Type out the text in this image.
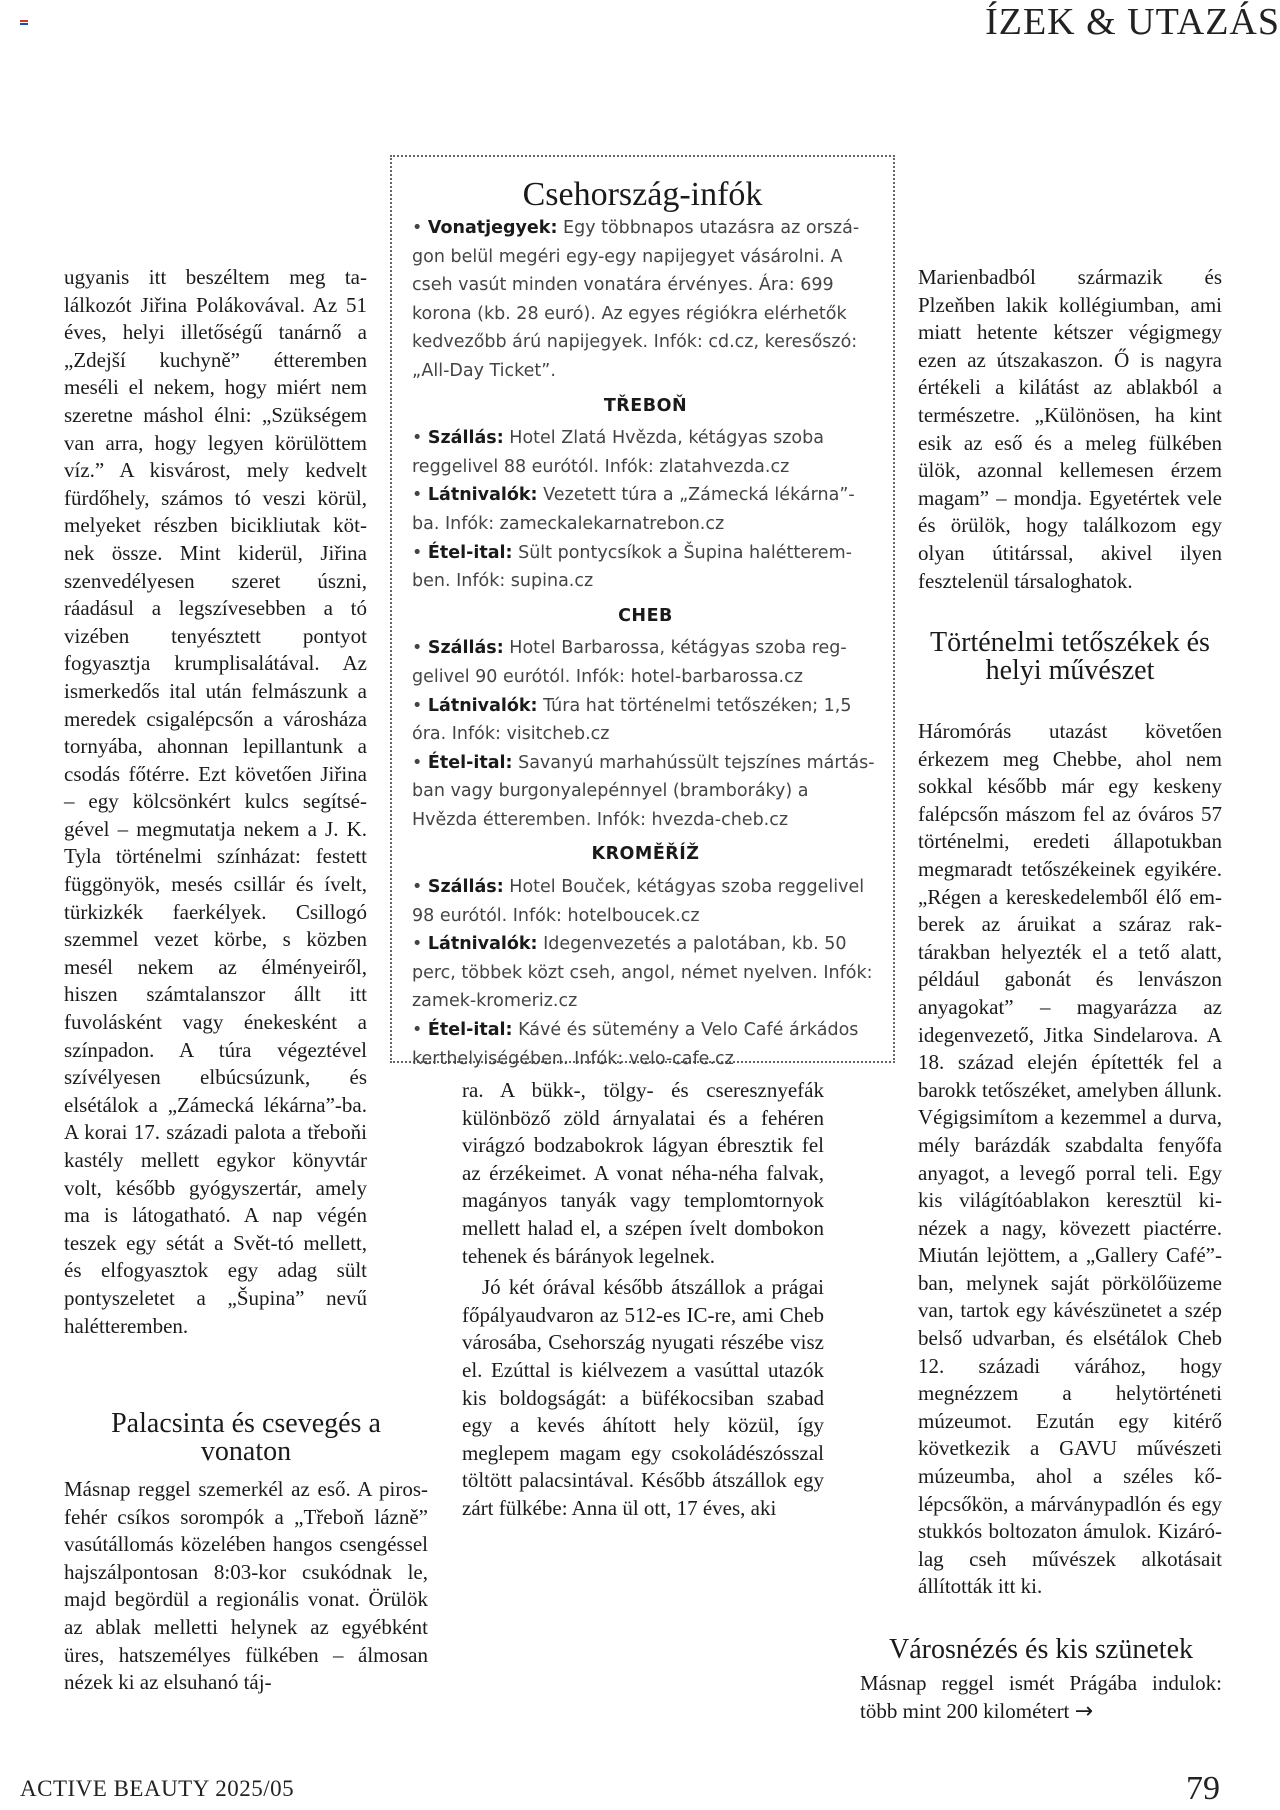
ÍZEK & UTAZÁS

ugyanis itt beszéltem meg találkozót Jiřina Polákovával. Az 51 éves, helyi illetőségű tanárnő a „Zdejší kuchyně” étteremben meséli el nekem, hogy miért nem szeretne máshol élni: „Szükségem van arra, hogy legyen körülöttem víz.” A kisvárost, mely kedvelt fürdőhely, számos tó veszi körül, melyeket részben bicikliutak kötnek össze. Mint kiderül, Jiřina szenvedélyesen szeret úszni, ráadásul a legszívesebben a tó vizében tenyésztett pontyot fogyasztja krumplisalátával. Az ismerkedős ital után felmászunk a meredek csigalépcsőn a városháza tornyába, ahonnan lepillantunk a csodás főtérre. Ezt követően Jiřina – egy kölcsönkért kulcs segítségével – megmutatja nekem a J. K. Tyla történelmi színházat: festett függönyök, mesés csillár és ívelt, türkizkék faerkélyek. Csillogó szemmel vezet körbe, s közben mesél nekem az élményeiről, hiszen számtalanszor állt itt fuvolásként vagy énekesként a színpadon. A túra végeztével szívélyesen elbúcsúzunk, és elsétálok a „Zámecká lékárna”-ba. A korai 17. századi palota a třeboňi kastély mellett egykor könyvtár volt, később gyógyszertár, amely ma is látogatható. A nap végén teszek egy sétát a Svět-tó mellett, és elfogyasztok egy adag sült pontyszeletet a „Šupina” nevű halétteremben.

Palacsinta és csevegés a vonaton

Másnap reggel szemerkél az eső. A piros-fehér csíkos sorompók a „Třeboň lázně” vasútállomás közelében hangos csengéssel hajszálpontosan 8:03-kor csukódnak le, majd begördül a regionális vonat. Örülök az ablak melletti helynek az egyébként üres, hatszemélyes fülkében – álmosan nézek ki az elsuhanó táj-

Csehország-infók

• Vonatjegyek: Egy többnapos utazásra az országon belül megéri egy-egy napijegyet vásárolni. A cseh vasút minden vonatára érvényes. Ára: 699 korona (kb. 28 euró). Az egyes régiókra elérhetők kedvezőbb árú napijegyek. Infók: cd.cz, keresőszó: „All-Day Ticket”.

TŘEBOŇ

• Szállás: Hotel Zlatá Hvězda, kétágyas szoba reggelivel 88 eurótól. Infók: zlatahvezda.cz

• Látnivalók: Vezetett túra a „Zámecká lékárna”-ba. Infók: zameckalekarnatrebon.cz

• Étel-ital: Sült pontycsíkok a Šupina halétteremben. Infók: supina.cz

CHEB

• Szállás: Hotel Barbarossa, kétágyas szoba reggelivel 90 eurótól. Infók: hotel-barbarossa.cz

• Látnivalók: Túra hat történelmi tetőszéken; 1,5 óra. Infók: visitcheb.cz

• Étel-ital: Savanyú marhahússült tejszínes mártásban vagy burgonyalepénnyel (bramboráky) a Hvězda étteremben. Infók: hvezda-cheb.cz

KROMĚŘÍŽ

• Szállás: Hotel Bouček, kétágyas szoba reggelivel 98 eurótól. Infók: hotelboucek.cz

• Látnivalók: Idegenvezetés a palotában, kb. 50 perc, többek közt cseh, angol, német nyelven. Infók: zamek-kromeriz.cz

• Étel-ital: Kávé és sütemény a Velo Café árkádos kerthelyiségében. Infók: velo-cafe.cz

ra. A bükk-, tölgy- és cseresznyefák különböző zöld árnyalatai és a fehéren virágzó bodzabokrok lágyan ébresztik fel az érzékeimet. A vonat néha-néha falvak, magányos tanyák vagy templomtornyok mellett halad el, a szépen ívelt dombokon tehenek és bárányok legelnek.

Jó két órával később átszállok a prágai főpályaudvaron az 512-es IC-re, ami Cheb városába, Csehország nyugati részébe visz el. Ezúttal is kiélvezem a vasúttal utazók kis boldogságát: a büfékocsiban szabad egy a kevés áhított hely közül, így meglepem magam egy csokoládészósszal töltött palacsintával. Később átszállok egy zárt fülkébe: Anna ül ott, 17 éves, aki

Marienbadból származik és Plzeňben lakik kollégiumban, ami miatt hetente kétszer végigmegy ezen az útszakaszon. Ő is nagyra értékeli a kilátást az ablakból a természetre. „Különösen, ha kint esik az eső és a meleg fülkében ülök, azonnal kellemesen érzem magam” – mondja. Egyetértek vele és örülök, hogy találkozom egy olyan útitárssal, akivel ilyen fesztelenül társaloghatok.

Történelmi tetőszékek és helyi művészet

Háromórás utazást követően érkezem meg Chebbe, ahol nem sokkal később már egy keskeny falépcsőn mászom fel az óváros 57 történelmi, eredeti állapotukban megmaradt tetőszékeinek egyikére. „Régen a kereskedelemből élő emberek az áruikat a száraz raktárakban helyezték el a tető alatt, például gabonát és lenvászon anyagokat” – magyarázza az idegenvezető, Jitka Sindelarova. A 18. század elején építették fel a barokk tetőszéket, amelyben állunk. Végigsimítom a kezemmel a durva, mély barázdák szabdalta fenyőfa anyagot, a levegő porral teli. Egy kis világítóablakon keresztül kinézek a nagy, kövezett piactérre. Miután lejöttem, a „Gallery Café”-ban, melynek saját pörkölőüzeme van, tartok egy kávészünetet a szép belső udvarban, és elsétálok Cheb 12. századi várához, hogy megnézzem a helytörténeti múzeumot. Ezután egy kitérő következik a GAVU művészeti múzeumba, ahol a széles kőlépcsőkön, a márványpadlón és egy stukkós boltozaton ámulok. Kizárólag cseh művészek alkotásait állították itt ki.

Városnézés és kis szünetek

Másnap reggel ismét Prágába indulok: több mint 200 kilométert →

ACTIVE BEAUTY 2025/05	79
